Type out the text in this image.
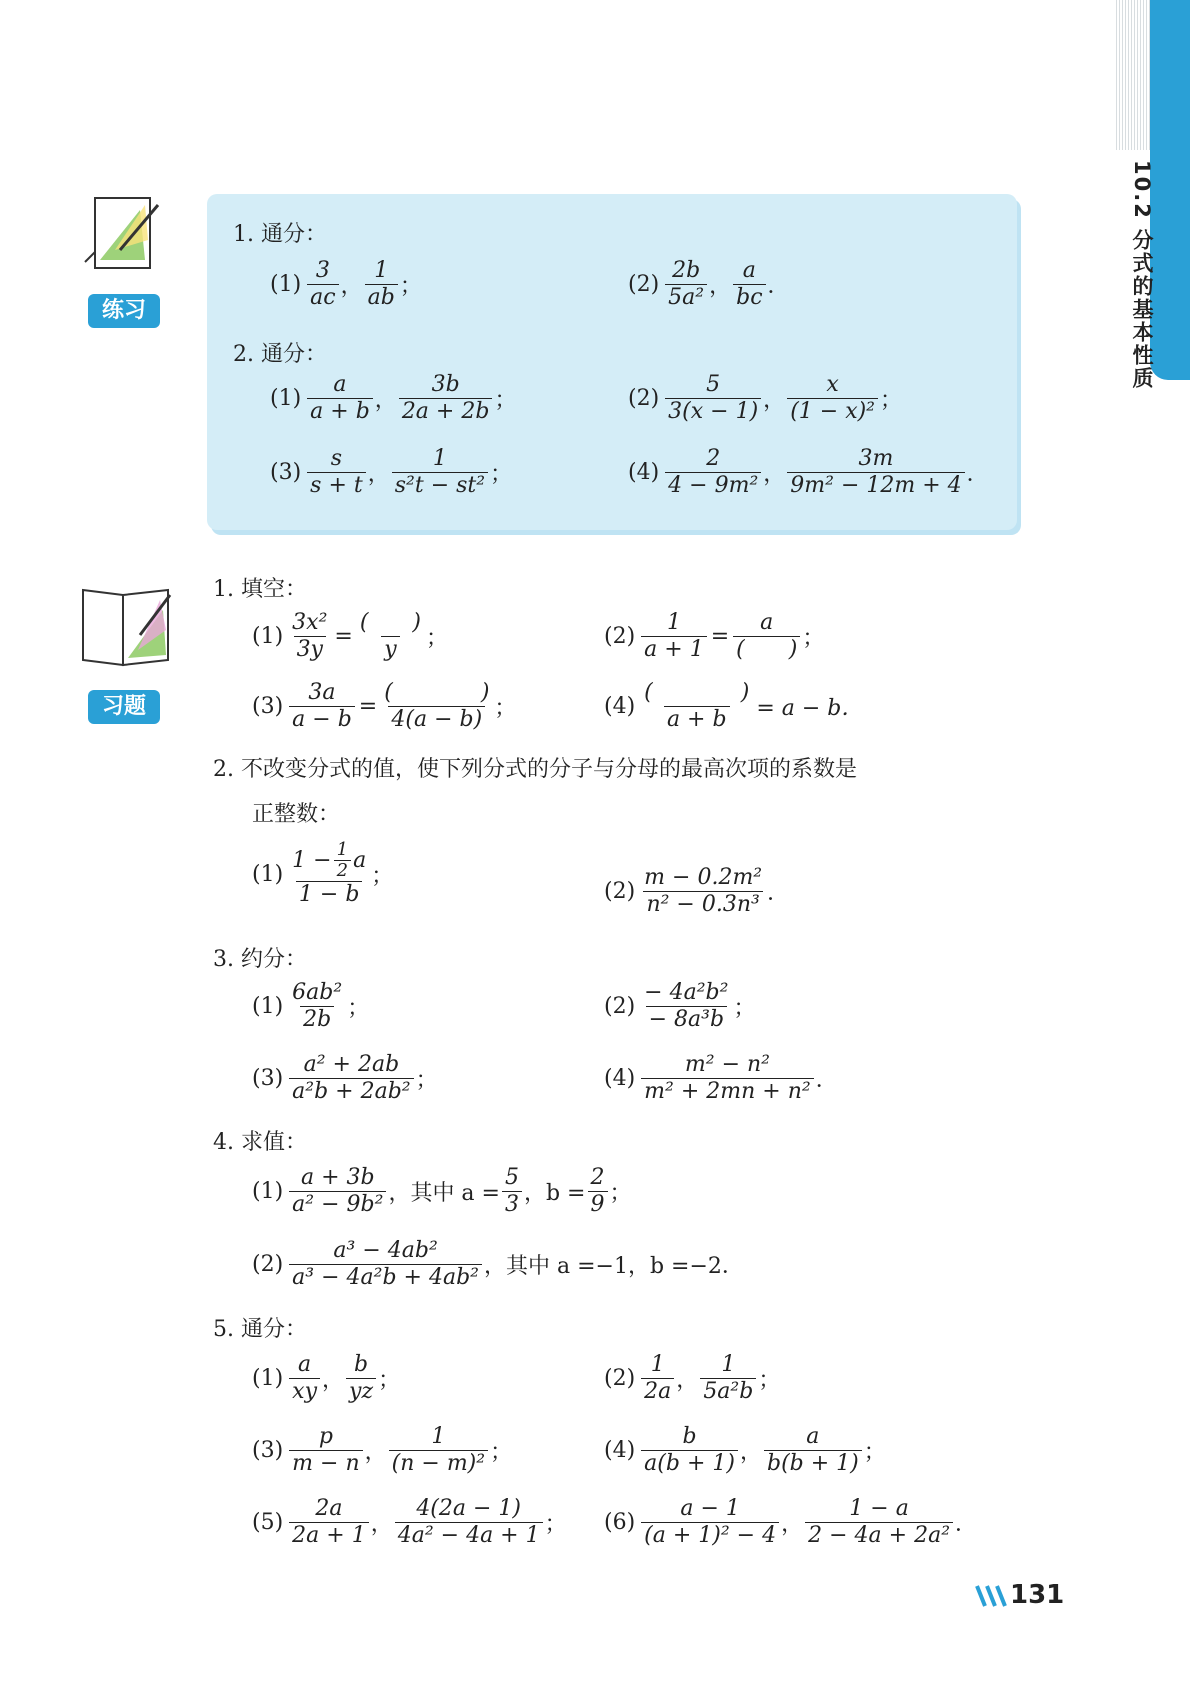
10.2 分式的基本性质
练习
1. 通分：
(1)
3
ac ，
1
ab ；	(2)
2b
5a² ，
a
bc ．
2. 通分：
(1)
a
a + b ，
3b
2a + 2b ；	(2)
5
3(x − 1) ，
x
(1 − x)² ；
(3)
s
s + t ，
1
s²t − st² ；	(4)
2
4 − 9m² ，
3m
9m² − 12m + 4 ．
习题
1. 填空：
$(1) \frac{\text{3x²}}{3y}$ =
(　　)
y ；	$(2) \frac{1}{a + 1}$ =
a
(　　) ；
$(3) \frac{3a}{a - b}$ =
(　　　　)
4(a − b) ；	(4)
(　　　　)
a + b = a − b．
2. 不改变分式的值，使下列分式的分子与分母的最高次项的系数是
正整数：
(1)
$1 - \frac{1}{2}$ a
1 − b
；
(2)
m − 0.2m²
n² − 0.3n³ ．
3. 约分：
(1)
6ab²
2b ；	(2)
− 4a²b²
− 8a³b ；
(3)
a² + 2ab
a²b + 2ab² ；	(4)
m² − n²
m² + 2mn + n² ．
4. 求值：
(1)
a + 3b
a² − 9b² ，其中 $a = \frac{5}{3}$ ，$b = \frac{2}{9}$ ；
(2)
a³ − 4ab²
a³ − 4a²b + 4ab² ，其中 a =−1，b =−2．
5. 通分：
(1)
a
xy ，
b
yz ；	(2)
1
2a ，
1
5a²b ；
(3)
p
m − n ，
1
(n − m)² ；	(4)
b
a(b + 1) ，
a
b(b + 1) ；
(5)
2a
2a + 1 ，
4(2a − 1)
4a² − 4a + 1 ； (6)
a − 1
(a + 1)² − 4 ，
1 − a
2 − 4a + 2a² ．
131
